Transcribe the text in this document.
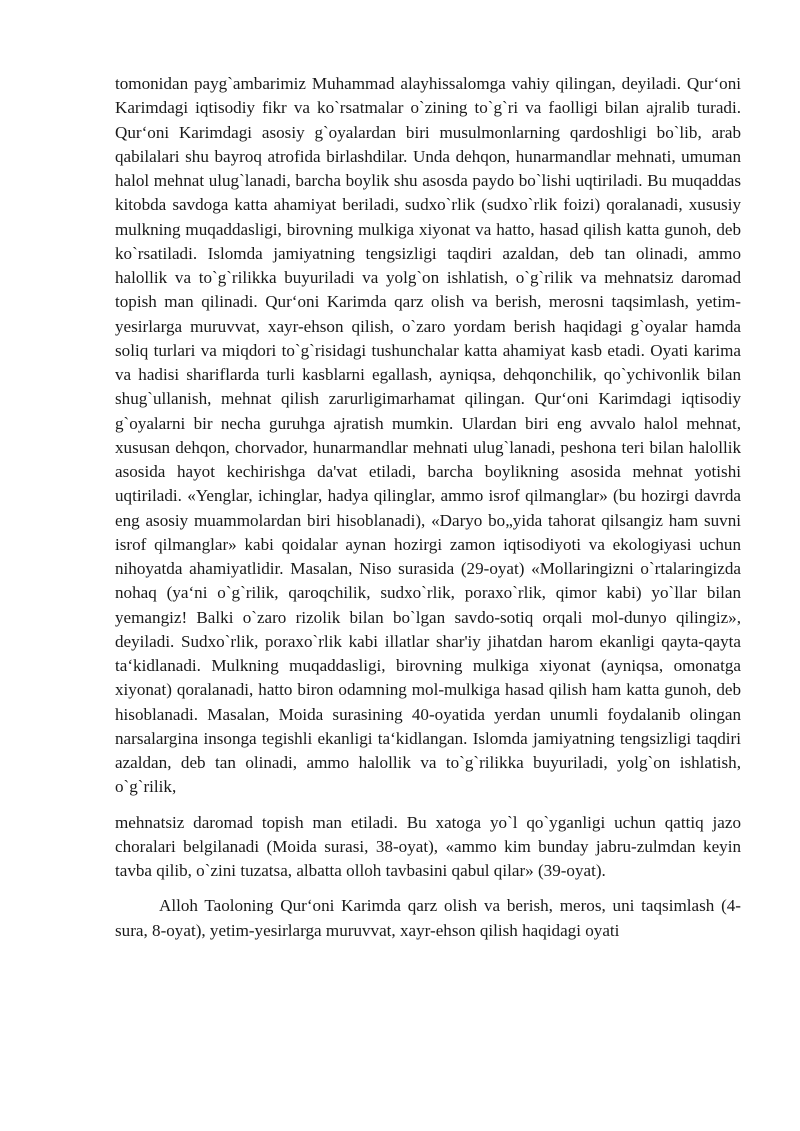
tomonidan payg`ambarimiz Muhammad alayhissalomga vahiy qilingan, deyiladi. Qur‘oni Karimdagi iqtisodiy fikr va ko`rsatmalar o`zining to`g`ri va faolligi bilan ajralib turadi. Qur‘oni Karimdagi asosiy g`oyalardan biri musulmonlarning qardoshligi bo`lib, arab qabilalari shu bayroq atrofida birlashdilar. Unda dehqon, hunarmandlar mehnati, umuman halol mehnat ulug`lanadi, barcha boylik shu asosda paydo bo`lishi uqtiriladi. Bu muqaddas kitobda savdoga katta ahamiyat beriladi, sudxo`rlik (sudxo`rlik foizi) qoralanadi, xususiy mulkning muqaddasligi, birovning mulkiga xiyonat va hatto, hasad qilish katta gunoh, deb ko`rsatiladi. Islomda jamiyatning tengsizligi taqdiri azaldan, deb tan olinadi, ammo halollik va to`g`rilikka buyuriladi va yolg`on ishlatish, o`g`rilik va mehnatsiz daromad topish man qilinadi. Qur‘oni Karimda qarz olish va berish, merosni taqsimlash, yetim-yesirlarga muruvvat, xayr-ehson qilish, o`zaro yordam berish haqidagi g`oyalar hamda soliq turlari va miqdori to`g`risidagi tushunchalar katta ahamiyat kasb etadi. Oyati karima va hadisi shariflarda turli kasblarni egallash, ayniqsa, dehqonchilik, qo`ychivonlik bilan shug`ullanish, mehnat qilish zarurligimarhamat qilingan. Qur‘oni Karimdagi iqtisodiy g`oyalarni bir necha guruhga ajratish mumkin. Ulardan biri eng avvalo halol mehnat, xususan dehqon, chorvador, hunarmandlar mehnati ulug`lanadi, peshona teri bilan halollik asosida hayot kechirishga da'vat etiladi, barcha boylikning asosida mehnat yotishi uqtiriladi. «Yenglar, ichinglar, hadya qilinglar, ammo isrof qilmanglar» (bu hozirgi davrda eng asosiy muammolardan biri hisoblanadi), «Daryo bo„yida tahorat qilsangiz ham suvni isrof qilmanglar» kabi qoidalar aynan hozirgi zamon iqtisodiyoti va ekologiyasi uchun nihoyatda ahamiyatlidir. Masalan, Niso surasida (29-oyat) «Mollaringizni o`rtalaringizda nohaq (ya‘ni o`g`rilik, qaroqchilik, sudxo`rlik, poraxo`rlik, qimor kabi) yo`llar bilan yemangiz! Balki o`zaro rizolik bilan bo`lgan savdo-sotiq orqali mol-dunyo qilingiz», deyiladi. Sudxo`rlik, poraxo`rlik kabi illatlar shar'iy jihatdan harom ekanligi qayta-qayta ta‘kidlanadi. Mulkning muqaddasligi, birovning mulkiga xiyonat (ayniqsa, omonatga xiyonat) qoralanadi, hatto biron odamning mol-mulkiga hasad qilish ham katta gunoh, deb hisoblanadi. Masalan, Moida surasining 40-oyatida yerdan unumli foydalanib olingan narsalargina insonga tegishli ekanligi ta‘kidlangan. Islomda jamiyatning tengsizligi taqdiri azaldan, deb tan olinadi, ammo halollik va to`g`rilikka buyuriladi, yolg`on ishlatish, o`g`rilik,

mehnatsiz daromad topish man etiladi. Bu xatoga yo`l qo`yganligi uchun qattiq jazo choralari belgilanadi (Moida surasi, 38-oyat), «ammo kim bunday jabru-zulmdan keyin tavba qilib, o`zini tuzatsa, albatta olloh tavbasini qabul qilar» (39-oyat).

Alloh Taoloning Qur‘oni Karimda qarz olish va berish, meros, uni taqsimlash (4-sura, 8-oyat), yetim-yesirlarga muruvvat, xayr-ehson qilish haqidagi oyati
